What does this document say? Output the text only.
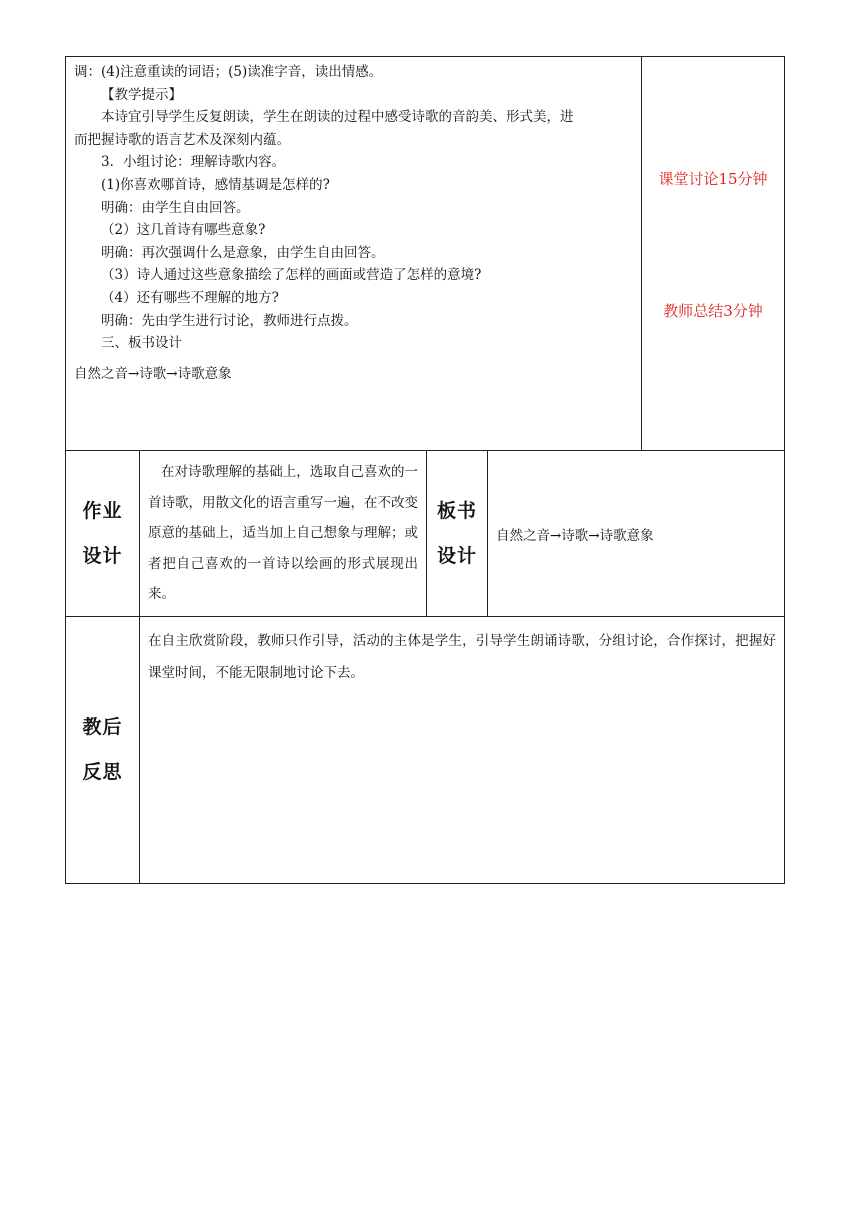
调：(4)注意重读的词语；(5)读准字音，读出情感。

【教学提示】

本诗宜引导学生反复朗读，学生在朗读的过程中感受诗歌的音韵美、形式美，进

而把握诗歌的语言艺术及深刻内蕴。

3．小组讨论：理解诗歌内容。

(1)你喜欢哪首诗，感情基调是怎样的?

明确：由学生自由回答。

（2）这几首诗有哪些意象?

明确：再次强调什么是意象，由学生自由回答。

（3）诗人通过这些意象描绘了怎样的画面或营造了怎样的意境?

（4）还有哪些不理解的地方?

明确：先由学生进行讨论，教师进行点拨。

三、板书设计

自然之音→诗歌→诗歌意象

课堂讨论15分钟
教师总结3分钟
作业
设计
在对诗歌理解的基础上，选取自己喜欢的一首诗歌，用散文化的语言重写一遍，在不改变原意的基础上，适当加上自己想象与理解；或者把自己喜欢的一首诗以绘画的形式展现出来。
板书
设计
自然之音→诗歌→诗歌意象
教后
反思
在自主欣赏阶段，教师只作引导，活动的主体是学生，引导学生朗诵诗歌，分组讨论，合作探讨，把握好课堂时间，不能无限制地讨论下去。
